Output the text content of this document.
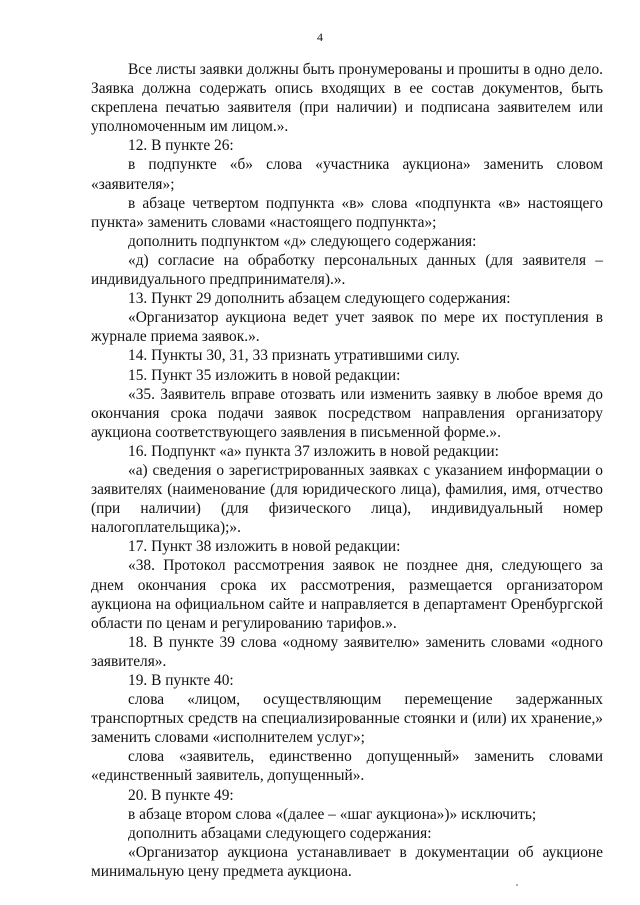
4

Все листы заявки должны быть пронумерованы и прошиты в одно дело. Заявка должна содержать опись входящих в ее состав документов, быть скреплена печатью заявителя (при наличии) и подписана заявителем или уполномоченным им лицом.».

12. В пункте 26:

в подпункте «б» слова «участника аукциона» заменить словом «заявителя»;

в абзаце четвертом подпункта «в» слова «подпункта «в» настоящего пункта» заменить словами «настоящего подпункта»;

дополнить подпунктом «д» следующего содержания:

«д) согласие на обработку персональных данных (для заявителя – индивидуального предпринимателя).».

13. Пункт 29 дополнить абзацем следующего содержания:

«Организатор аукциона ведет учет заявок по мере их поступления в журнале приема заявок.».

14. Пункты 30, 31, 33 признать утратившими силу.

15. Пункт 35 изложить в новой редакции:

«35. Заявитель вправе отозвать или изменить заявку в любое время до окончания срока подачи заявок посредством направления организатору аукциона соответствующего заявления в письменной форме.».

16. Подпункт «а» пункта 37 изложить в новой редакции:

«а) сведения о зарегистрированных заявках с указанием информации о заявителях (наименование (для юридического лица), фамилия, имя, отчество (при наличии) (для физического лица), индивидуальный номер налогоплательщика);».

17. Пункт 38 изложить в новой редакции:

«38. Протокол рассмотрения заявок не позднее дня, следующего за днем окончания срока их рассмотрения, размещается организатором аукциона на официальном сайте и направляется в департамент Оренбургской области по ценам и регулированию тарифов.».

18. В пункте 39 слова «одному заявителю» заменить словами «одного заявителя».

19. В пункте 40:

слова «лицом, осуществляющим перемещение задержанных транспортных средств на специализированные стоянки и (или) их хранение,» заменить словами «исполнителем услуг»;

слова «заявитель, единственно допущенный» заменить словами «единственный заявитель, допущенный».

20. В пункте 49:

в абзаце втором слова «(далее – «шаг аукциона»)» исключить;

дополнить абзацами следующего содержания:

«Организатор аукциона устанавливает в документации об аукционе минимальную цену предмета аукциона.
